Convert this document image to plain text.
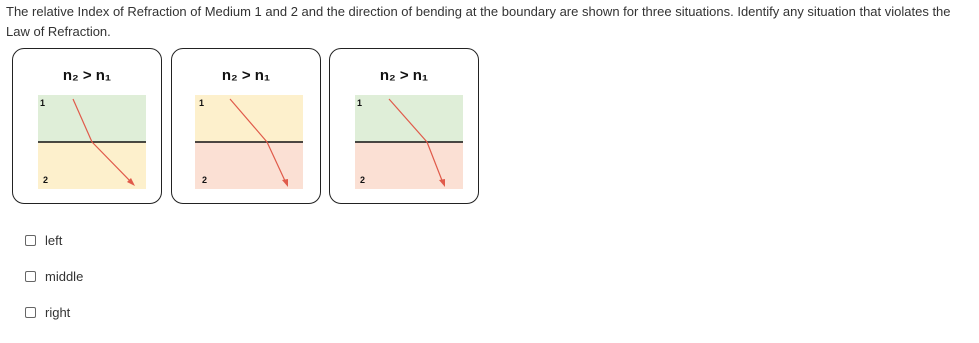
The relative Index of Refraction of Medium 1 and 2 and the direction of bending at the boundary are shown for three situations. Identify any situation that violates the Law of Refraction.
n₂ > n₁
1
2
n₂ > n₁
1
2
n₂ > n₁
1
2
left
middle
right
